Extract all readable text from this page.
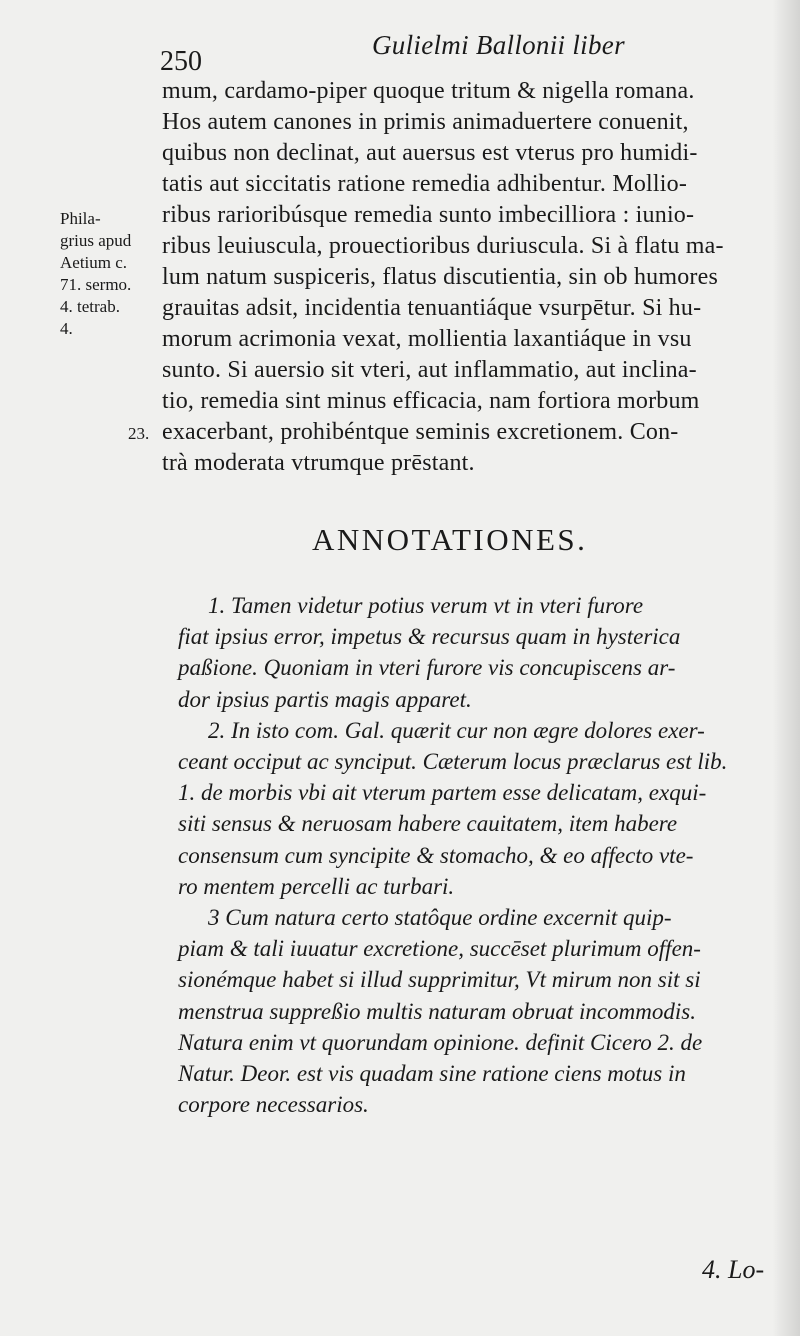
250
Gulielmi Ballonii liber
Phila-
grius apud
Aetium c.
71. sermo.
4. tetrab.
4.
23.
mum, cardamo-piper quoque tritum & nigella romana.
Hos autem canones in primis animaduertere conuenit,
quibus non declinat, aut auersus est vterus pro humidi-
tatis aut siccitatis ratione remedia adhibentur. Mollio-
ribus rarioribúsque remedia sunto imbecilliora : iunio-
ribus leuiuscula, prouectioribus duriuscula. Si à flatu ma-
lum natum suspiceris, flatus discutientia, sin ob humores
grauitas adsit, incidentia tenuantiáque vsurpētur. Si hu-
morum acrimonia vexat, mollientia laxantiáque in vsu
sunto. Si auersio sit vteri, aut inflammatio, aut inclina-
tio, remedia sint minus efficacia, nam fortiora morbum
exacerbant, prohibéntque seminis excretionem. Con-
trà moderata vtrumque prēstant.
ANNOTATIONES.
1. Tamen videtur potius verum vt in vteri furore
fiat ipsius error, impetus & recursus quam in hysterica
paßione. Quoniam in vteri furore vis concupiscens ar-
dor ipsius partis magis apparet.
2. In isto com. Gal. quærit cur non ægre dolores exer-
ceant occiput ac synciput. Cæterum locus præclarus est lib.
1. de morbis vbi ait vterum partem esse delicatam, exqui-
siti sensus & neruosam habere cauitatem, item habere
consensum cum syncipite & stomacho, & eo affecto vte-
ro mentem percelli ac turbari.
3 Cum natura certo statôque ordine excernit quip-
piam & tali iuuatur excretione, succēset plurimum offen-
sionémque habet si illud supprimitur, Vt mirum non sit si
menstrua suppreßio multis naturam obruat incommodis.
Natura enim vt quorundam opinione. definit Cicero 2. de
Natur. Deor. est vis quadam sine ratione ciens motus in
corpore necessarios.
4. Lo-
